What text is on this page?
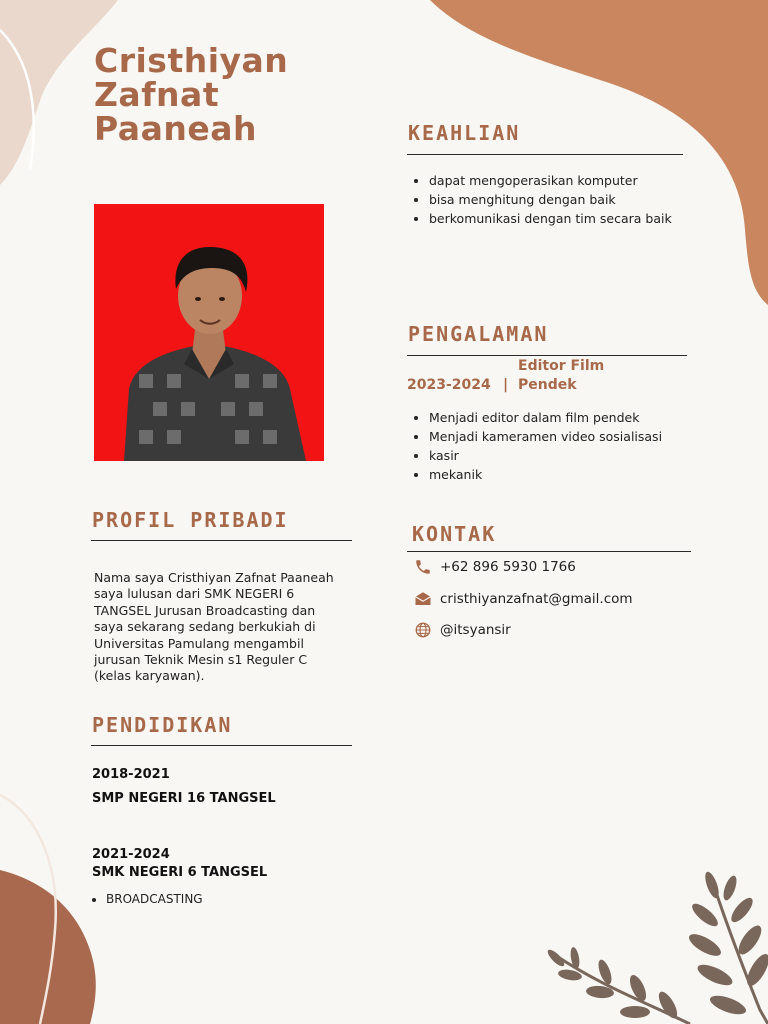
Cristhiyan
Zafnat
Paaneah	KEAHLIAN
• dapat mengoperasikan komputer
• bisa menghitung dengan baik
• berkomunikasi dengan tim secara baik
PENGALAMAN
Editor Film
2023-2024 | Pendek
• Menjadi editor dalam film pendek
• Menjadi kameramen video sosialisasi
• kasir
• mekanik
PROFIL PRIBADI
Nama saya Cristhiyan Zafnat Paaneah saya lulusan dari SMK NEGERI 6 TANGSEL Jurusan Broadcasting dan saya sekarang sedang berkukiah di Universitas Pamulang mengambil jurusan Teknik Mesin s1 Reguler C (kelas karyawan).
KONTAK
+62 896 5930 1766
cristhiyanzafnat@gmail.com
@itsyansir
PENDIDIKAN
2018-2021
SMP NEGERI 16 TANGSEL
2021-2024
SMK NEGERI 6 TANGSEL
• BROADCASTING
